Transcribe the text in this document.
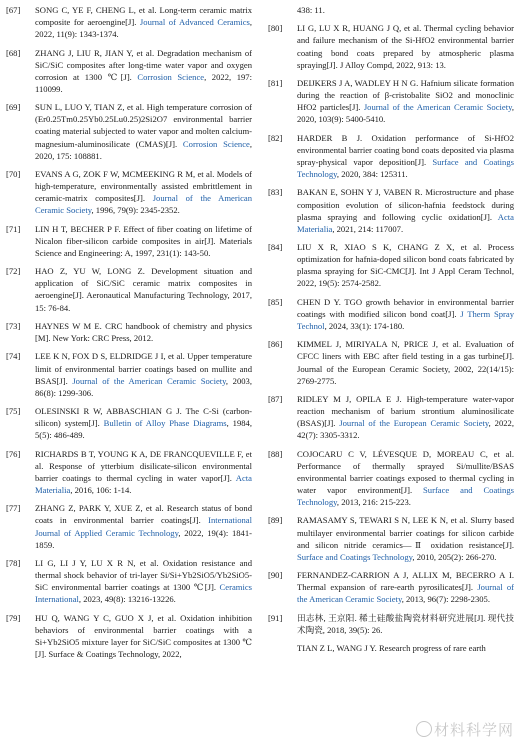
[67]	SONG C, YE F, CHENG L, et al. Long-term ceramic matrix composite for aeroengine[J]. Journal of Advanced Ceramics, 2022, 11(9): 1343-1374.
[68]	ZHANG J, LIU R, JIAN Y, et al. Degradation mechanism of SiC/SiC composites after long-time water vapor and oxygen corrosion at 1300 ℃[J]. Corrosion Science, 2022, 197: 110099.
[69]	SUN L, LUO Y, TIAN Z, et al. High temperature corrosion of (Er0.25Tm0.25Yb0.25Lu0.25)2Si2O7 environmental barrier coating material subjected to water vapor and molten calcium-magnesium-aluminosilicate (CMAS)[J]. Corrosion Science, 2020, 175: 108881.
[70]	EVANS A G, ZOK F W, MCMEEKING R M, et al. Models of high-temperature, environmentally assisted embrittlement in ceramic-matrix composites[J]. Journal of the American Ceramic Society, 1996, 79(9): 2345-2352.
[71]	LIN H T, BECHER P F. Effect of fiber coating on lifetime of Nicalon fiber-silicon carbide composites in air[J]. Materials Science and Engineering: A, 1997, 231(1): 143-50.
[72]	HAO Z, YU W, LONG Z. Development situation and application of SiC/SiC ceramic matrix composites in aeroengine[J]. Aeronautical Manufacturing Technology, 2017, 15: 76-84.
[73]	HAYNES W M E. CRC handbook of chemistry and physics [M]. New York: CRC Press, 2012.
[74]	LEE K N, FOX D S, ELDRIDGE J I, et al. Upper temperature limit of environmental barrier coatings based on mullite and BSAS[J]. Journal of the American Ceramic Society, 2003, 86(8): 1299-306.
[75]	OLESINSKI R W, ABBASCHIAN G J. The C-Si (carbon-silicon) system[J]. Bulletin of Alloy Phase Diagrams, 1984, 5(5): 486-489.
[76]	RICHARDS B T, YOUNG K A, DE FRANCQUEVILLE F, et al. Response of ytterbium disilicate-silicon environmental barrier coatings to thermal cycling in water vapor[J]. Acta Materialia, 2016, 106: 1-14.
[77]	ZHANG Z, PARK Y, XUE Z, et al. Research status of bond coats in environmental barrier coatings[J]. International Journal of Applied Ceramic Technology, 2022, 19(4): 1841-1859.
[78]	LI G, LI J Y, LU X R N, et al. Oxidation resistance and thermal shock behavior of tri-layer Si/Si+Yb2SiO5/Yb2SiO5-SiC environmental barrier coatings at 1300 ℃[J]. Ceramics International, 2023, 49(8): 13216-13226.
[79]	HU Q, WANG Y C, GUO X J, et al. Oxidation inhibition behaviors of environmental barrier coatings with a Si+Yb2SiO5 mixture layer for SiC/SiC composites at 1300 ℃[J]. Surface & Coatings Technology, 2022,
438: 11.
[80]	LI G, LU X R, HUANG J Q, et al. Thermal cycling behavior and failure mechanism of the Si-HfO2 environmental barrier coating bond coats prepared by atmospheric plasma spraying[J]. J Alloy Compd, 2022, 913: 13.
[81]	DEIJKERS J A, WADLEY H N G. Hafnium silicate formation during the reaction of β-cristobalite SiO2 and monoclinic HfO2 particles[J]. Journal of the American Ceramic Society, 2020, 103(9): 5400-5410.
[82]	HARDER B J. Oxidation performance of Si-HfO2 environmental barrier coating bond coats deposited via plasma spray-physical vapor deposition[J]. Surface and Coatings Technology, 2020, 384: 125311.
[83]	BAKAN E, SOHN Y J, VABEN R. Microstructure and phase composition evolution of silicon-hafnia feedstock during plasma spraying and following cyclic oxidation[J]. Acta Materialia, 2021, 214: 117007.
[84]	LIU X R, XIAO S K, CHANG Z X, et al. Process optimization for hafnia-doped silicon bond coats fabricated by plasma spraying for SiC-CMC[J]. Int J Appl Ceram Technol, 2022, 19(5): 2574-2582.
[85]	CHEN D Y. TGO growth behavior in environmental barrier coatings with modified silicon bond coat[J]. J Therm Spray Technol, 2024, 33(1): 174-180.
[86]	KIMMEL J, MIRIYALA N, PRICE J, et al. Evaluation of CFCC liners with EBC after field testing in a gas turbine[J]. Journal of the European Ceramic Society, 2002, 22(14/15): 2769-2775.
[87]	RIDLEY M J, OPILA E J. High-temperature water-vapor reaction mechanism of barium strontium aluminosilicate (BSAS)[J]. Journal of the European Ceramic Society, 2022, 42(7): 3305-3312.
[88]	COJOCARU C V, LÉVESQUE D, MOREAU C, et al. Performance of thermally sprayed Si/mullite/BSAS environmental barrier coatings exposed to thermal cycling in water vapor environment[J]. Surface and Coatings Technology, 2013, 216: 215-223.
[89]	RAMASAMY S, TEWARI S N, LEE K N, et al. Slurry based multilayer environmental barrier coatings for silicon carbide and silicon nitride ceramics—Ⅱ oxidation resistance[J]. Surface and Coatings Technology, 2010, 205(2): 266-270.
[90]	FERNANDEZ-CARRION A J, ALLIX M, BECERRO A I. Thermal expansion of rare-earth pyrosilicates[J]. Journal of the American Ceramic Society, 2013, 96(7): 2298-2305.
[91]	田志林, 王京阳. 稀土硅酸盐陶瓷材料研究进展[J]. 现代技术陶瓷, 2018, 39(5): 26.
TIAN Z L, WANG J Y. Research progress of rare earth
材料科学网
